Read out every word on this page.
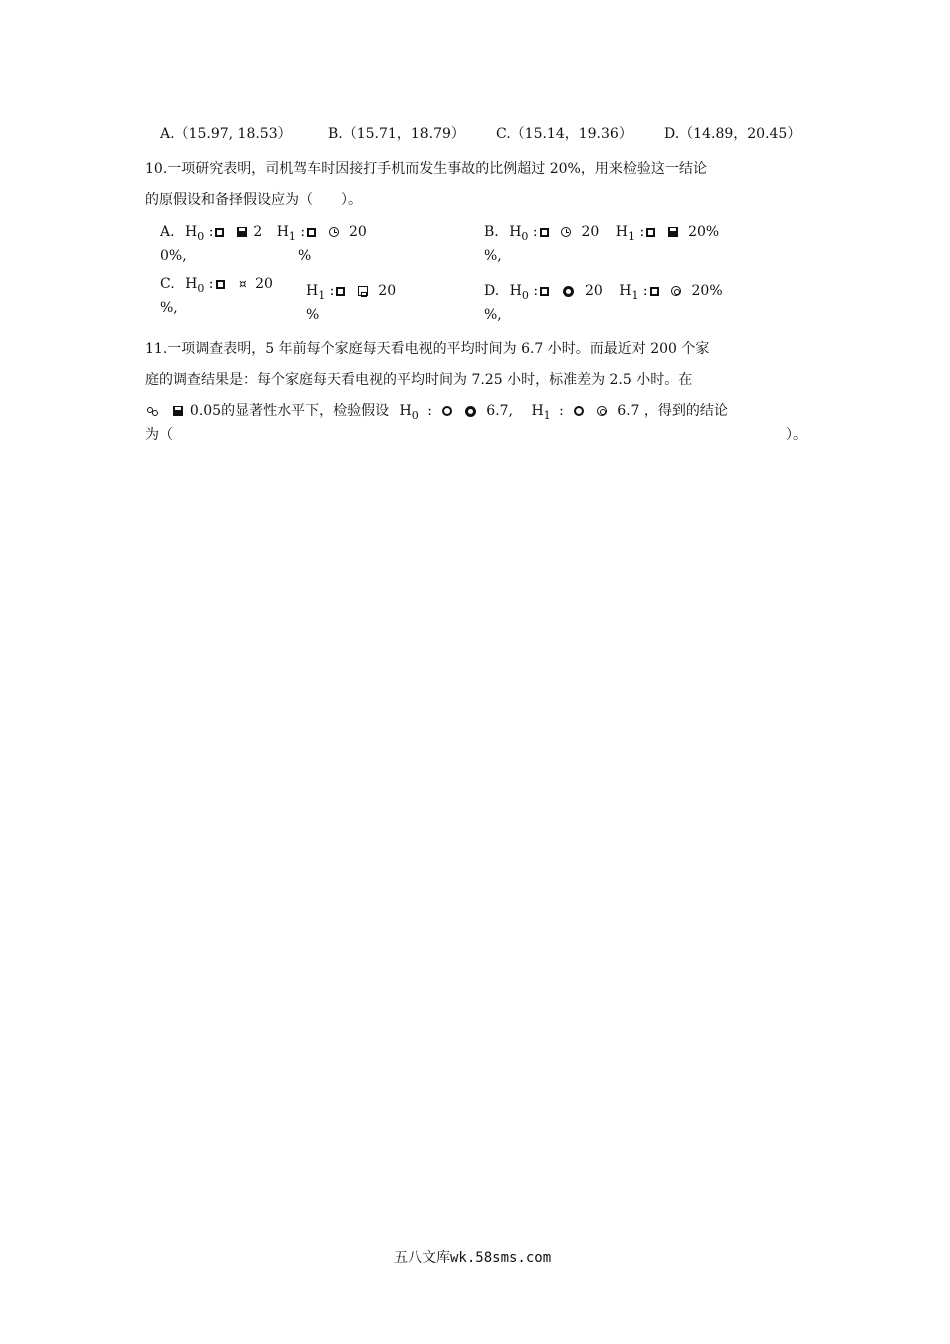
A.（15.97, 18.53）	B.（15.71，18.79） C.（15.14，19.36） D.（14.89，20.45）
10.一项研究表明，司机驾车时因接打手机而发生事故的比例超过 20%，用来检验这一结论
的原假设和备择假设应为（　　）。
A. $H_0$ :	2 $H_1$ :	20
0%,	%
B. $H_0$ :	20 $H_1$ :	20%
%,
C. $H_0$ : ¤ 20 $H_1$ :	20
%,	%
D. $H_0$ :	20 $H_1$ :	20%
%,
11.一项调查表明，5 年前每个家庭每天看电视的平均时间为 6.7 小时。而最近对 200 个家
庭的调查结果是：每个家庭每天看电视的平均时间为 7.25 小时，标准差为 2.5 小时。在
0.05的显著性水平下，检验假设 $H_0$ :	6.7, $H_1$ :	6.7 ，得到的结论
为（	）。
五八文库wk.58sms.com
